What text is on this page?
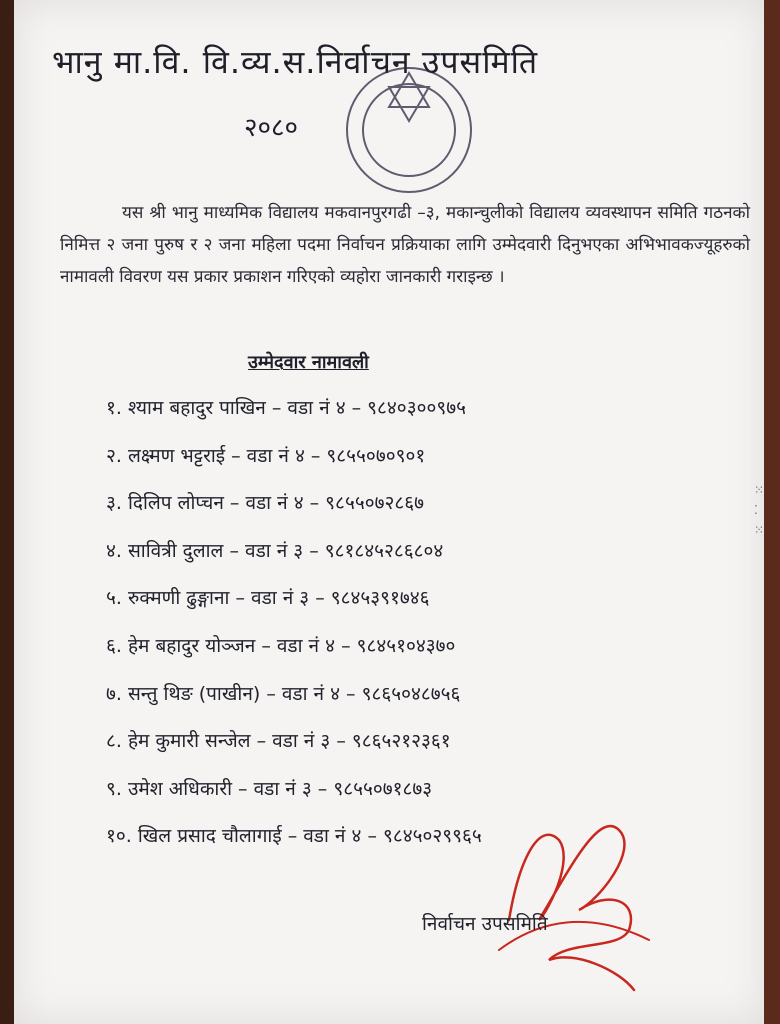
भानु मा.वि. वि.व्य.स.निर्वाचन उपसमिति
२०८०

यस श्री भानु माध्यमिक विद्यालय मकवानपुरगढी –३, मकान्चुलीको विद्यालय व्यवस्थापन समिति गठनको निमित्त २ जना पुरुष र २ जना महिला पदमा निर्वाचन प्रक्रियाका लागि उम्मेदवारी दिनुभएका अभिभावकज्यूहरुको नामावली विवरण यस प्रकार प्रकाशन गरिएको व्यहोरा जानकारी गराइन्छ ।

उम्मेदवार नामावली
१. श्याम बहादुर पाखिन – वडा नं ४ – ९८४०३००९७५
२. लक्ष्मण भट्टराई – वडा नं ४ – ९८५५०७०९०१
३. दिलिप लोप्चन – वडा नं ४ – ९८५५०७२८६७
४. सावित्री दुलाल – वडा नं ३ – ९८१८४५२८६८०४
५. रुक्मणी ढुङ्गाना – वडा नं ३ – ९८४५३९१७४६
६. हेम बहादुर योञ्जन – वडा नं ४ – ९८४५१०४३७०
७. सन्तु थिङ (पाखीन) – वडा नं ४ – ९८६५०४८७५६
८. हेम कुमारी सन्जेल – वडा नं ३ – ९८६५२१२३६१
९. उमेश अधिकारी – वडा नं ३ – ९८५५०७१८७३
१०. खिल प्रसाद चौलागाई – वडा नं ४ – ९८४५०२९९६५
निर्वाचन उपसमिति
⁙
⁚
⁙
